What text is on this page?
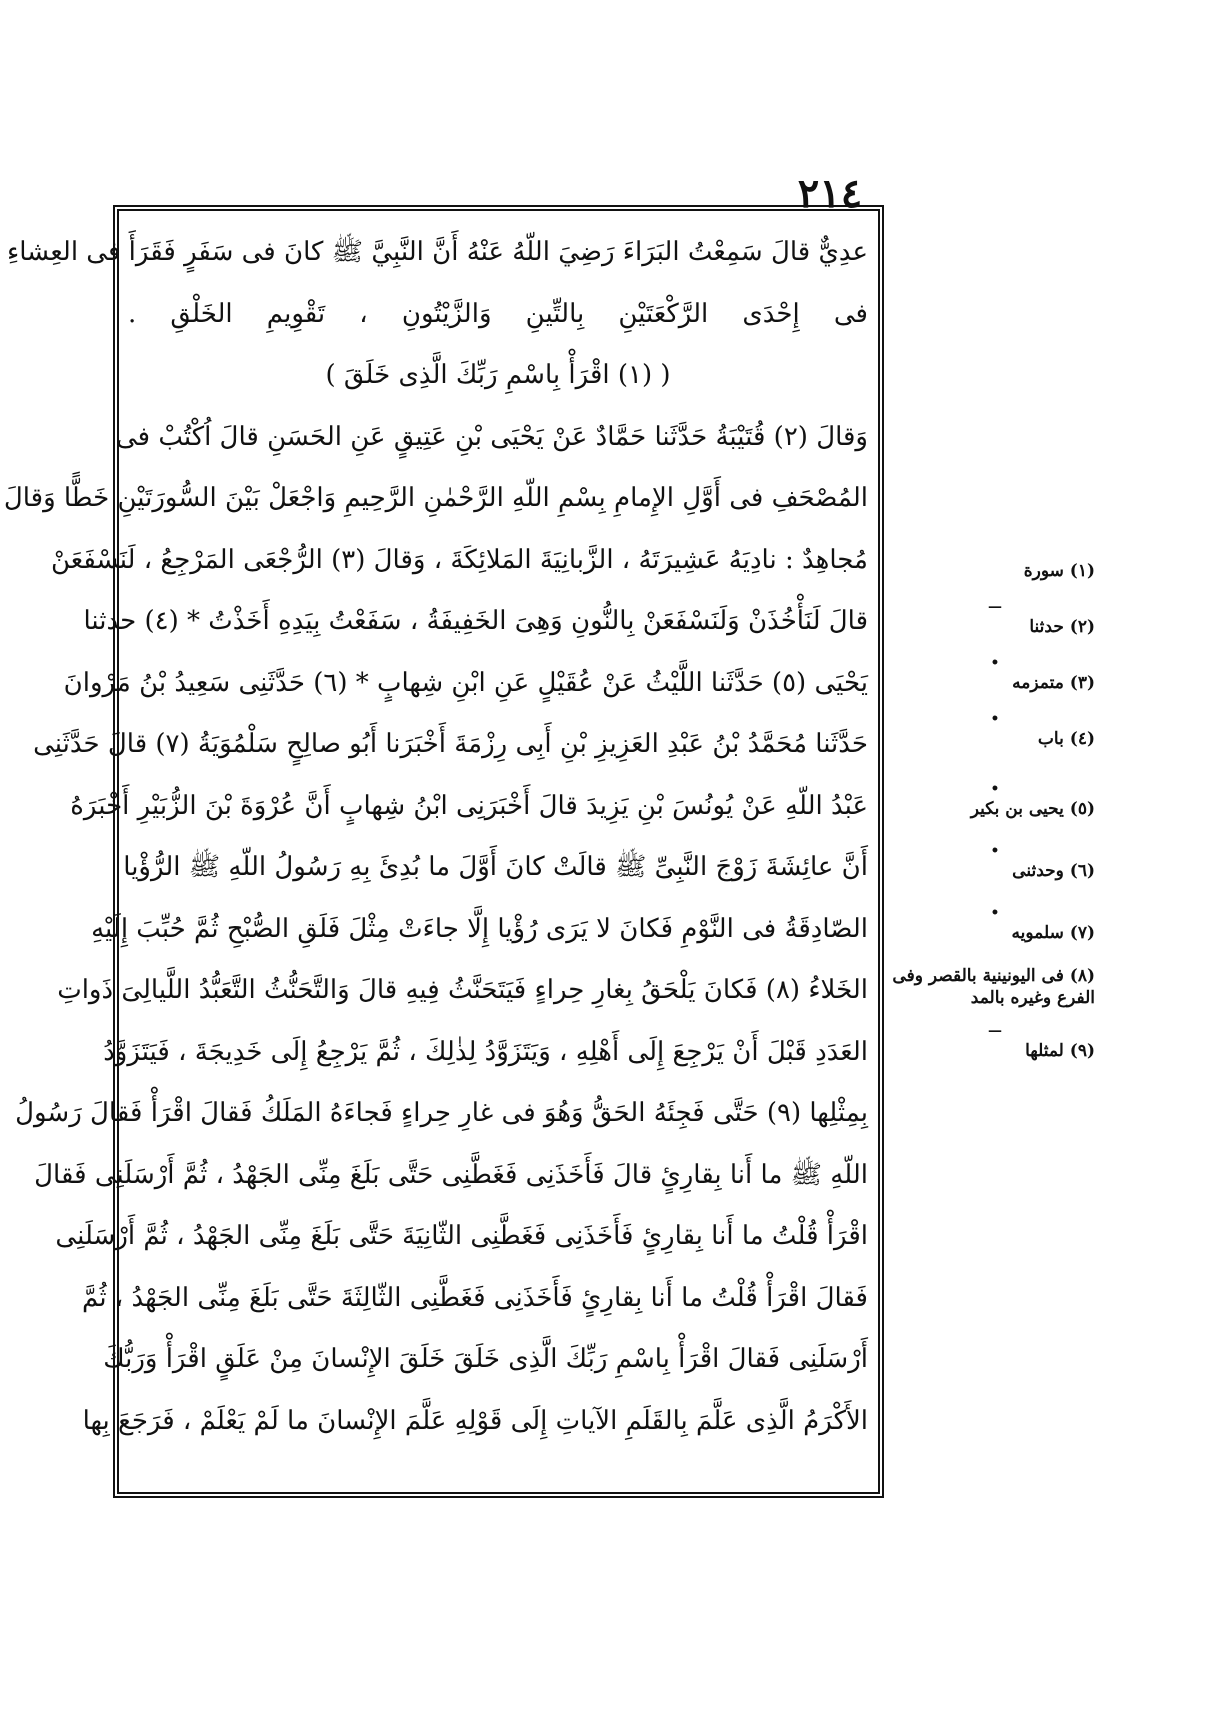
٢١٤
عدِيٌّ قالَ سَمِعْتُ البَرَاءَ رَضِيَ اللّهُ عَنْهُ أَنَّ النَّبِيَّ ﷺ كانَ فى سَفَرٍ فَقَرَأَ فى العِشاءِ
فى إِحْدَى الرَّكْعَتَيْنِ بِالتِّينِ وَالزَّيْتُونِ ، تَقْوِيمِ الخَلْقِ .
( (١) اقْرَأْ بِاسْمِ رَبِّكَ الَّذِى خَلَقَ )
وَقالَ (٢) قُتَيْبَةُ حَدَّثَنا حَمَّادٌ عَنْ يَحْيَى بْنِ عَتِيقٍ عَنِ الحَسَنِ قالَ اُكْتُبْ فى
المُصْحَفِ فى أَوَّلِ الإِمامِ بِسْمِ اللّهِ الرَّحْمٰنِ الرَّحِيمِ وَاجْعَلْ بَيْنَ السُّورَتَيْنِ خَطًّا وَقالَ
مُجاهِدٌ : نادِيَهُ عَشِيرَتَهُ ، الزَّبانِيَةَ المَلائِكَةَ ، وَقالَ (٣) الرُّجْعَى المَرْجِعُ ، لَنَسْفَعَنْ
قالَ لَنَأْخُذَنْ وَلَنَسْفَعَنْ بِالنُّونِ وَهِىَ الخَفِيفَةُ ، سَفَعْتُ بِيَدِهِ أَخَذْتُ * (٤) حدثنا
يَحْيَى (٥) حَدَّثَنا اللَّيْثُ عَنْ عُقَيْلٍ عَنِ ابْنِ شِهابٍ * (٦) حَدَّثَنِى سَعِيدُ بْنُ مَرْوانَ
حَدَّثَنا مُحَمَّدُ بْنُ عَبْدِ العَزِيزِ بْنِ أَبِى رِزْمَةَ أَخْبَرَنا أَبُو صالِحٍ سَلْمُوَيَةُ (٧) قالَ حَدَّثَنِى
عَبْدُ اللّهِ عَنْ يُونُسَ بْنِ يَزِيدَ قالَ أَخْبَرَنِى ابْنُ شِهابٍ أَنَّ عُرْوَةَ بْنَ الزُّبَيْرِ أَخْبَرَهُ
أَنَّ عائِشَةَ زَوْجَ النَّبِىِّ ﷺ قالَتْ كانَ أَوَّلَ ما بُدِئَ بِهِ رَسُولُ اللّهِ ﷺ الرُّؤْيا
الصّادِقَةُ فى النَّوْمِ فَكانَ لا يَرَى رُؤْيا إِلَّا جاءَتْ مِثْلَ فَلَقِ الصُّبْحِ ثُمَّ حُبِّبَ إِلَيْهِ
الخَلاءُ (٨) فَكانَ يَلْحَقُ بِغارِ حِراءٍ فَيَتَحَنَّثُ فِيهِ قالَ وَالتَّحَنُّثُ التَّعَبُّدُ اللَّيالِىَ ذَواتِ
العَدَدِ قَبْلَ أَنْ يَرْجِعَ إِلَى أَهْلِهِ ، وَيَتَزَوَّدُ لِذٰلِكَ ، ثُمَّ يَرْجِعُ إِلَى خَدِيجَةَ ، فَيَتَزَوَّدُ
بِمِثْلِها (٩) حَتَّى فَجِئَهُ الحَقُّ وَهُوَ فى غارِ حِراءٍ فَجاءَهُ المَلَكُ فَقالَ اقْرَأْ فَقالَ رَسُولُ
اللّهِ ﷺ ما أَنا بِقارِئٍ قالَ فَأَخَذَنِى فَغَطَّنِى حَتَّى بَلَغَ مِنِّى الجَهْدُ ، ثُمَّ أَرْسَلَنِى فَقالَ
اقْرَأْ قُلْتُ ما أَنا بِقارِئٍ فَأَخَذَنِى فَغَطَّنِى الثّانِيَةَ حَتَّى بَلَغَ مِنِّى الجَهْدُ ، ثُمَّ أَرْسَلَنِى
فَقالَ اقْرَأْ قُلْتُ ما أَنا بِقارِئٍ فَأَخَذَنِى فَغَطَّنِى الثّالِثَةَ حَتَّى بَلَغَ مِنِّى الجَهْدُ ، ثُمَّ
أَرْسَلَنِى فَقالَ اقْرَأْ بِاسْمِ رَبِّكَ الَّذِى خَلَقَ خَلَقَ الإِنْسانَ مِنْ عَلَقٍ اقْرَأْ وَرَبُّكَ
الأَكْرَمُ الَّذِى عَلَّمَ بِالقَلَمِ الآياتِ إِلَى قَوْلِهِ عَلَّمَ الإِنْسانَ ما لَمْ يَعْلَمْ ، فَرَجَعَ بِها
(١) سورة
—
(٢) حدثنا
•
(٣) متمزمه
•
(٤) باب
•
(٥) يحيى بن بكير
•
(٦) وحدثنى
•
(٧) سلمويه
(٨) فى اليونينية بالقصر وفى الفرع وغيره بالمد
—
(٩) لمثلها
